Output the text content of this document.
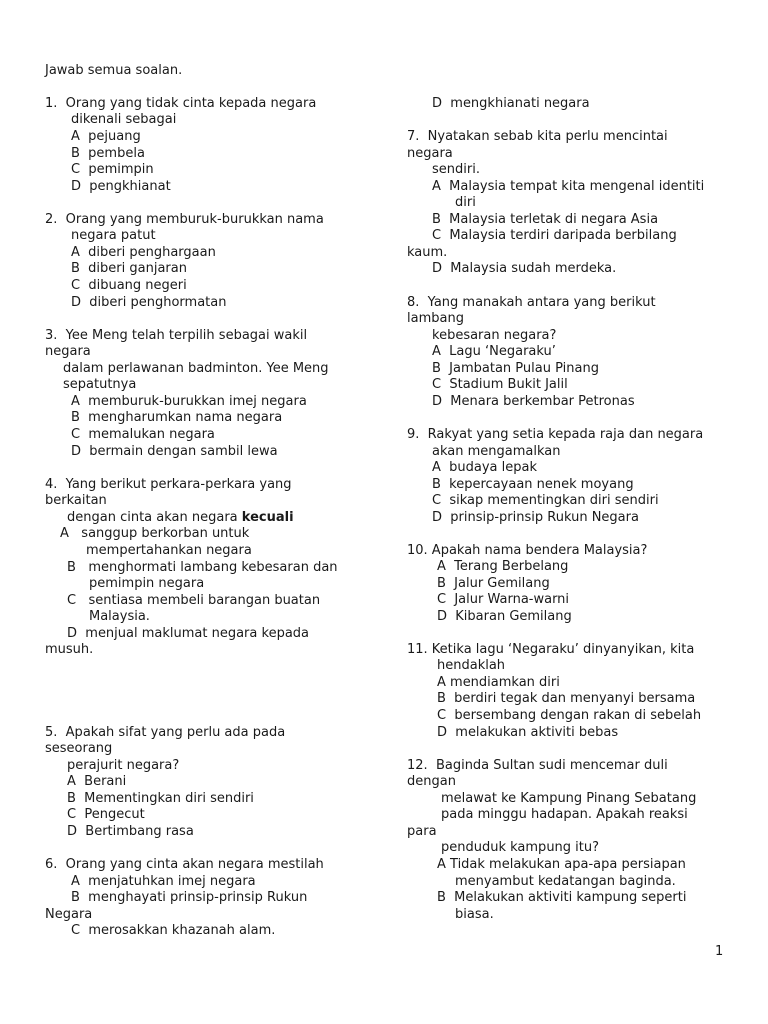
Jawab semua soalan.
1.  Orang yang tidak cinta kepada negara
dikenali sebagai
A  pejuang
B  pembela
C  pemimpin
D  pengkhianat
2.  Orang yang memburuk-burukkan nama
negara patut
A  diberi penghargaan
B  diberi ganjaran
C  dibuang negeri
D  diberi penghormatan
3.  Yee Meng telah terpilih sebagai wakil
negara
dalam perlawanan badminton. Yee Meng
sepatutnya
A  memburuk-burukkan imej negara
B  mengharumkan nama negara
C  memalukan negara
D  bermain dengan sambil lewa
4.  Yang berikut perkara-perkara yang
berkaitan
dengan cinta akan negara kecuali
A   sanggup berkorban untuk
mempertahankan negara
B   menghormati lambang kebesaran dan
pemimpin negara
C   sentiasa membeli barangan buatan
Malaysia.
D  menjual maklumat negara kepada
musuh.
5.  Apakah sifat yang perlu ada pada
seseorang
perajurit negara?
A  Berani
B  Mementingkan diri sendiri
C  Pengecut
D  Bertimbang rasa
6.  Orang yang cinta akan negara mestilah
A  menjatuhkan imej negara
B  menghayati prinsip-prinsip Rukun
Negara
C  merosakkan khazanah alam.
D  mengkhianati negara
7.  Nyatakan sebab kita perlu mencintai
negara
sendiri.
A  Malaysia tempat kita mengenal identiti
diri
B  Malaysia terletak di negara Asia
C  Malaysia terdiri daripada berbilang
kaum.
D  Malaysia sudah merdeka.
8.  Yang manakah antara yang berikut
lambang
kebesaran negara?
A  Lagu ‘Negaraku’
B  Jambatan Pulau Pinang
C  Stadium Bukit Jalil
D  Menara berkembar Petronas
9.  Rakyat yang setia kepada raja dan negara
akan mengamalkan
A  budaya lepak
B  kepercayaan nenek moyang
C  sikap mementingkan diri sendiri
D  prinsip-prinsip Rukun Negara
10. Apakah nama bendera Malaysia?
A  Terang Berbelang
B  Jalur Gemilang
C  Jalur Warna-warni
D  Kibaran Gemilang
11. Ketika lagu ‘Negaraku’ dinyanyikan, kita
hendaklah
A mendiamkan diri
B  berdiri tegak dan menyanyi bersama
C  bersembang dengan rakan di sebelah
D  melakukan aktiviti bebas
12.  Baginda Sultan sudi mencemar duli
dengan
melawat ke Kampung Pinang Sebatang
pada minggu hadapan. Apakah reaksi
para
penduduk kampung itu?
A Tidak melakukan apa-apa persiapan
menyambut kedatangan baginda.
B  Melakukan aktiviti kampung seperti
biasa.
1
